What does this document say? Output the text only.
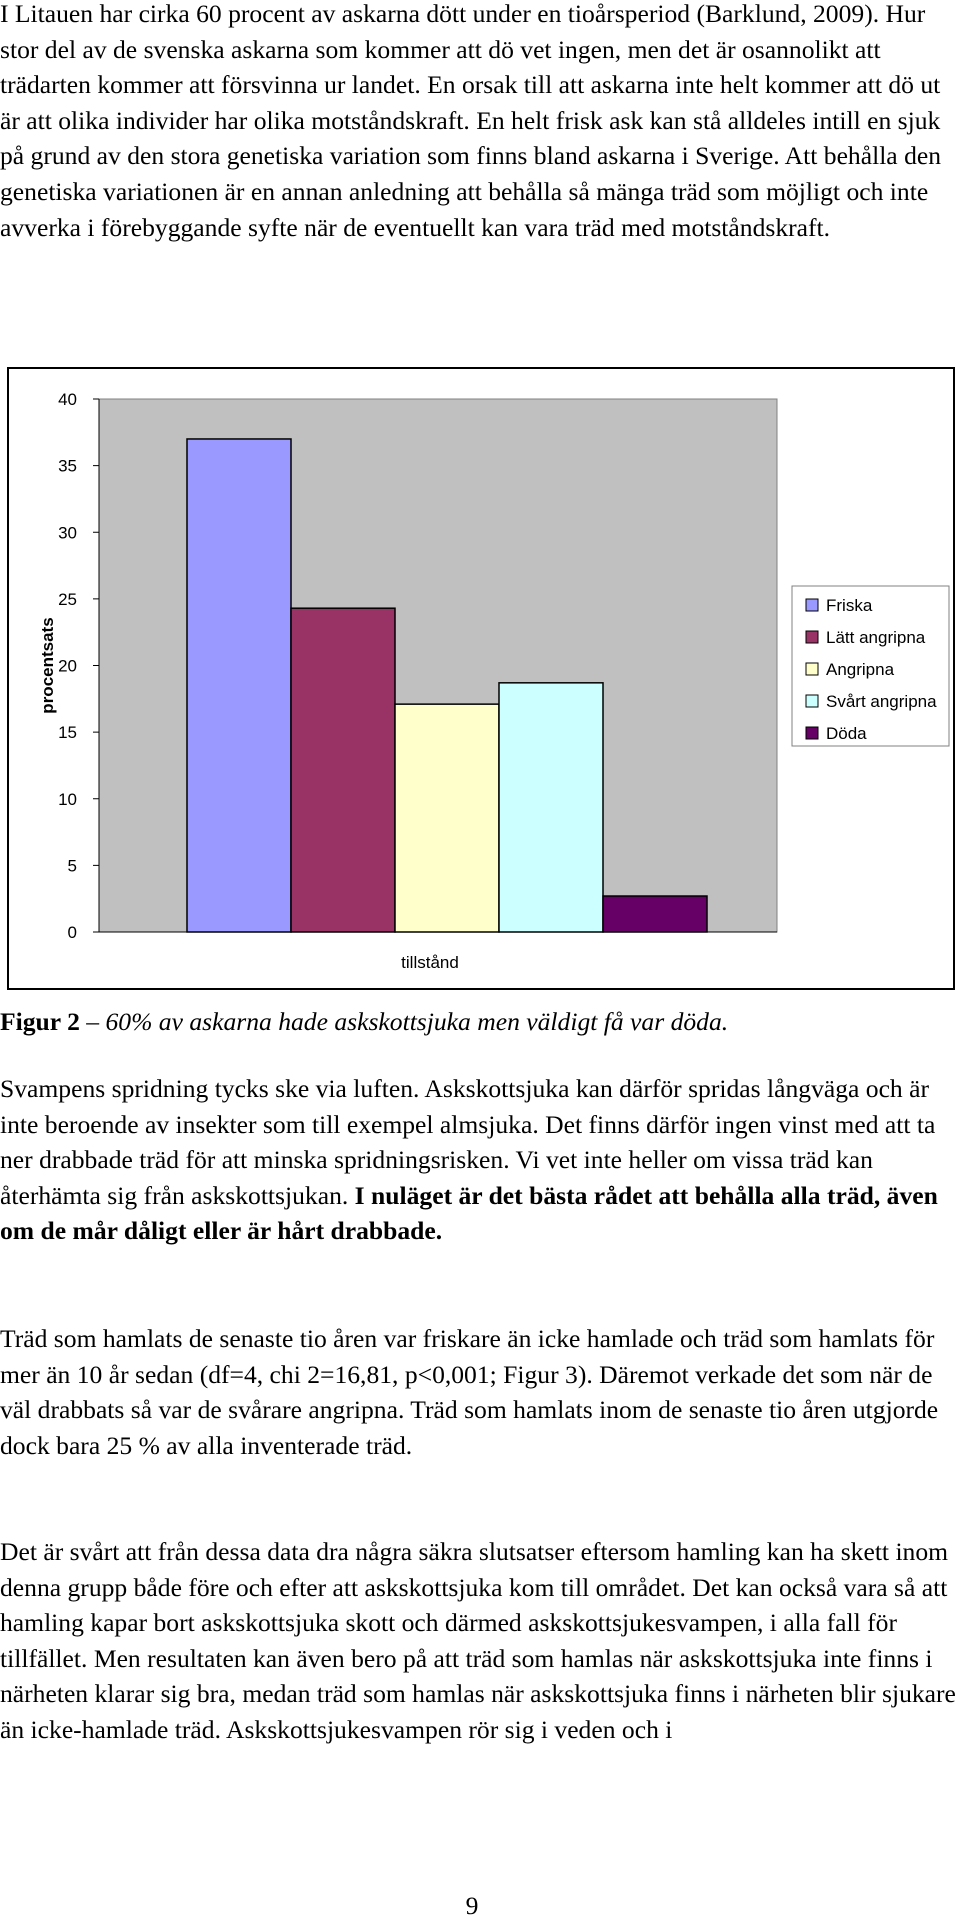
I Litauen har cirka 60 procent av askarna dött under en tioårsperiod (Barklund, 2009). Hur stor del av de svenska askarna som kommer att dö vet ingen, men det är osannolikt att trädarten kommer att försvinna ur landet. En orsak till att askarna inte helt kommer att dö ut är att olika individer har olika motståndskraft. En helt frisk ask kan stå alldeles intill en sjuk på grund av den stora genetiska variation som finns bland askarna i Sverige. Att behålla den genetiska variationen är en annan anledning att behålla så mänga träd som möjligt och inte avverka i förebyggande syfte när de eventuellt kan vara träd med motståndskraft.

0
5
10
15
20
25
30
35
40
tillstånd
procentsats
Friska
Lätt angripna
Angripna
Svårt angripna
Döda
Figur 2 – 60% av askarna hade askskottsjuka men väldigt få var döda.

Svampens spridning tycks ske via luften. Askskottsjuka kan därför spridas långväga och är inte beroende av insekter som till exempel almsjuka. Det finns därför ingen vinst med att ta ner drabbade träd för att minska spridningsrisken. Vi vet inte heller om vissa träd kan återhämta sig från askskottsjukan. I nuläget är det bästa rådet att behålla alla träd, även om de mår dåligt eller är hårt drabbade.

Träd som hamlats de senaste tio åren var friskare än icke hamlade och träd som hamlats för mer än 10 år sedan (df=4, chi 2=16,81, p<0,001; Figur 3). Däremot verkade det som när de väl drabbats så var de svårare angripna. Träd som hamlats inom de senaste tio åren utgjorde dock bara 25 % av alla inventerade träd.

Det är svårt att från dessa data dra några säkra slutsatser eftersom hamling kan ha skett inom denna grupp både före och efter att askskottsjuka kom till området. Det kan också vara så att hamling kapar bort askskottsjuka skott och därmed askskottsjukesvampen, i alla fall för tillfället. Men resultaten kan även bero på att träd som hamlas när askskottsjuka inte finns i närheten klarar sig bra, medan träd som hamlas när askskottsjuka finns i närheten blir sjukare än icke-hamlade träd. Askskottsjukesvampen rör sig i veden och i

9
